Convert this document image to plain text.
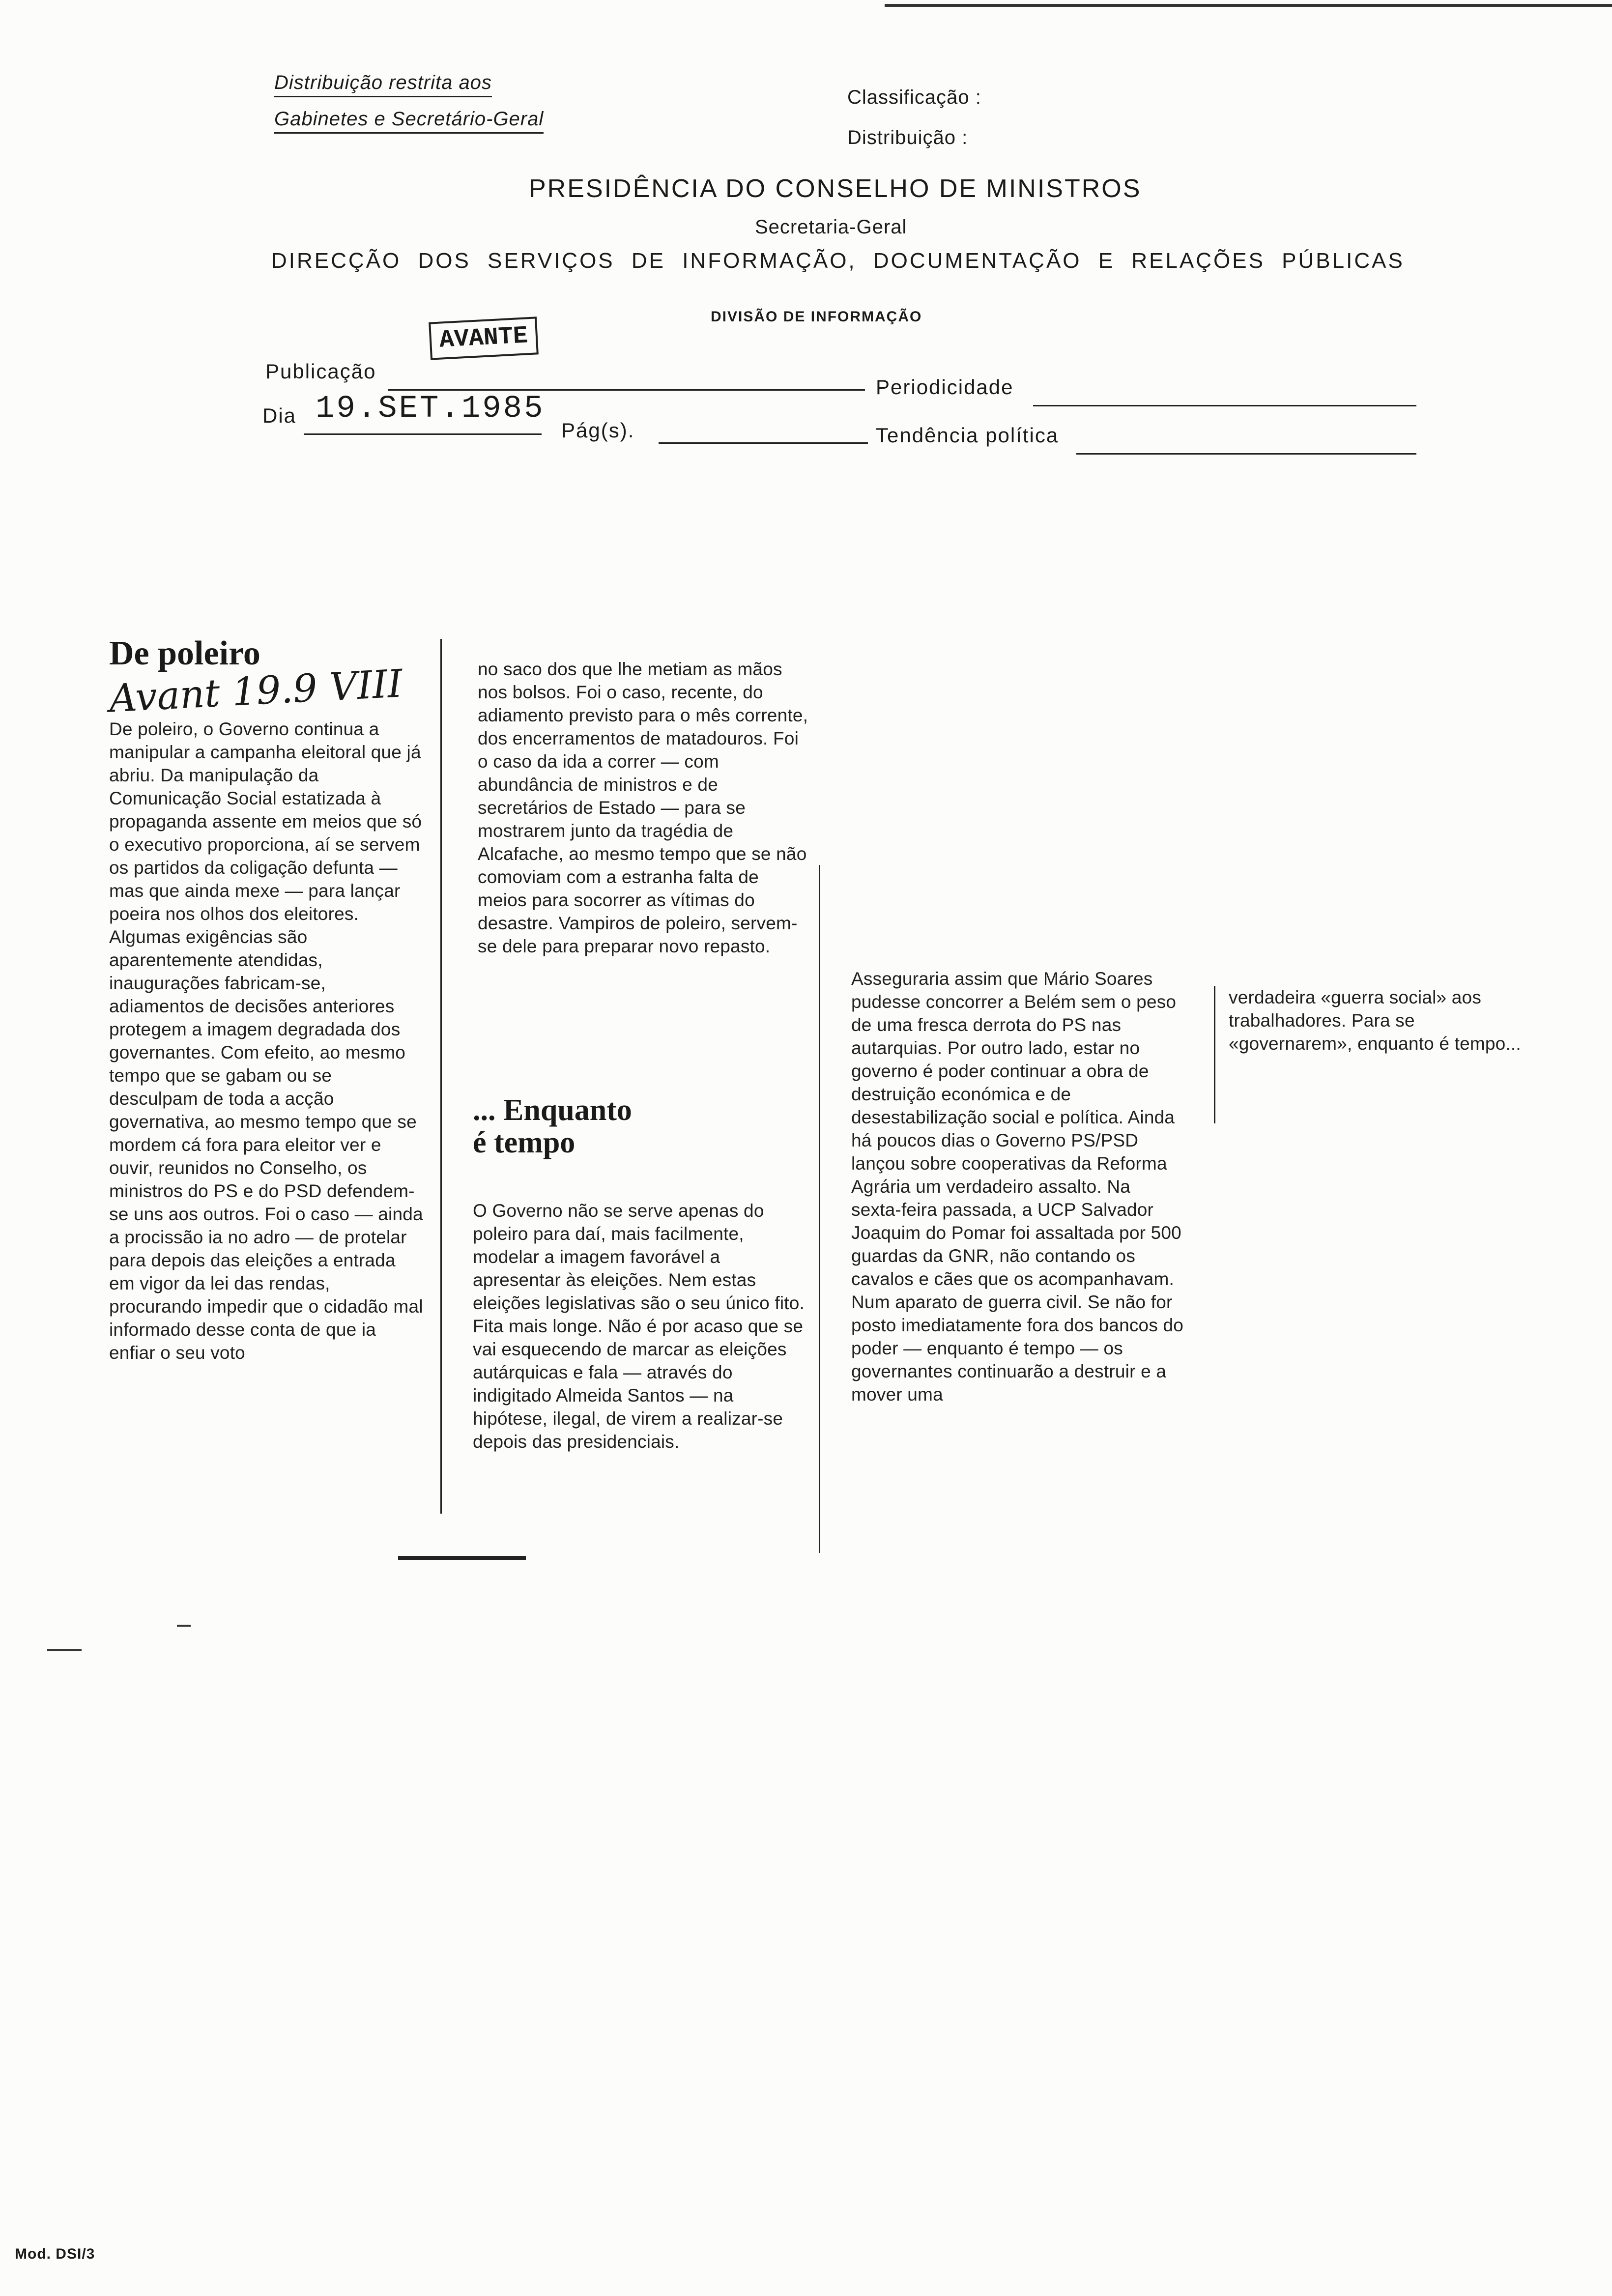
Distribuição restrita aos
Gabinetes e Secretário-Geral
Classificação :
Distribuição :
PRESIDÊNCIA DO CONSELHO DE MINISTROS
Secretaria-Geral
DIRECÇÃO DOS SERVIÇOS DE INFORMAÇÃO, DOCUMENTAÇÃO E RELAÇÕES PÚBLICAS
DIVISÃO DE INFORMAÇÃO
Publicação
AVANTE
Periodicidade
Dia 19.SET.1985
Pág(s).	Tendência política
De poleiro
Avant 19.9 VIII

De poleiro, o Governo continua a manipular a campanha eleitoral que já abriu. Da manipulação da Comunicação Social estatizada à propaganda assente em meios que só o executivo proporciona, aí se servem os partidos da coligação defunta — mas que ainda mexe — para lançar poeira nos olhos dos eleitores. Algumas exigências são aparentemente atendidas, inaugurações fabricam-se, adiamentos de decisões anteriores protegem a imagem degradada dos governantes. Com efeito, ao mesmo tempo que se gabam ou se desculpam de toda a acção governativa, ao mesmo tempo que se mordem cá fora para eleitor ver e ouvir, reunidos no Conselho, os ministros do PS e do PSD defendem-se uns aos outros. Foi o caso — ainda a procissão ia no adro — de protelar para depois das eleições a entrada em vigor da lei das rendas, procurando impedir que o cidadão mal informado desse conta de que ia enfiar o seu voto

no saco dos que lhe metiam as mãos nos bolsos. Foi o caso, recente, do adiamento previsto para o mês corrente, dos encerramentos de matadouros. Foi o caso da ida a correr — com abundância de ministros e de secretários de Estado — para se mostrarem junto da tragédia de Alcafache, ao mesmo tempo que se não comoviam com a estranha falta de meios para socorrer as vítimas do desastre. Vampiros de poleiro, servem-se dele para preparar novo repasto.

... Enquanto
é tempo

O Governo não se serve apenas do poleiro para daí, mais facilmente, modelar a imagem favorável a apresentar às eleições. Nem estas eleições legislativas são o seu único fito. Fita mais longe. Não é por acaso que se vai esquecendo de marcar as eleições autárquicas e fala — através do indigitado Almeida Santos — na hipótese, ilegal, de virem a realizar-se depois das presidenciais.

Asseguraria assim que Mário Soares pudesse concorrer a Belém sem o peso de uma fresca derrota do PS nas autarquias. Por outro lado, estar no governo é poder continuar a obra de destruição económica e de desestabilização social e política. Ainda há poucos dias o Governo PS/PSD lançou sobre cooperativas da Reforma Agrária um verdadeiro assalto. Na sexta-feira passada, a UCP Salvador Joaquim do Pomar foi assaltada por 500 guardas da GNR, não contando os cavalos e cães que os acompanhavam. Num aparato de guerra civil. Se não for posto imediatamente fora dos bancos do poder — enquanto é tempo — os governantes continuarão a destruir e a mover uma

verdadeira «guerra social» aos trabalhadores. Para se «governarem», enquanto é tempo...

Mod. DSI/3
